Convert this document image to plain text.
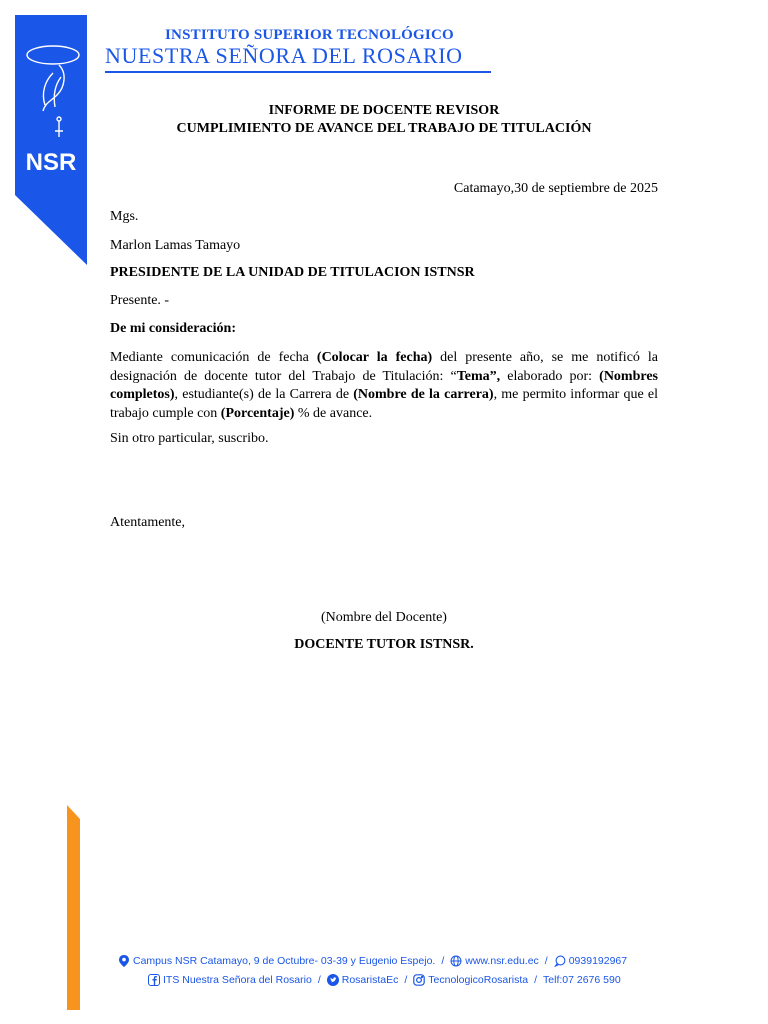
NSR
INSTITUTO SUPERIOR TECNOLÓGICO
NUESTRA SEÑORA DEL ROSARIO
INFORME DE DOCENTE REVISOR
CUMPLIMIENTO DE AVANCE DEL TRABAJO DE TITULACIÓN
Catamayo,30 de septiembre de 2025
Mgs.
Marlon Lamas Tamayo
PRESIDENTE DE LA UNIDAD DE TITULACION ISTNSR
Presente. -
De mi consideración:
Mediante comunicación de fecha (Colocar la fecha) del presente año, se me notificó la designación de docente tutor del Trabajo de Titulación: “Tema”, elaborado por: (Nombres completos), estudiante(s) de la Carrera de (Nombre de la carrera), me permito informar que el trabajo cumple con (Porcentaje) % de avance.
Sin otro particular, suscribo.
Atentamente,
(Nombre del Docente)
DOCENTE TUTOR ISTNSR.
Campus NSR Catamayo, 9 de Octubre- 03-39 y Eugenio Espejo. / www.nsr.edu.ec / 0939192967
ITS Nuestra Señora del Rosario / RosaristaEc / TecnologicoRosarista / Telf:07 2676 590
